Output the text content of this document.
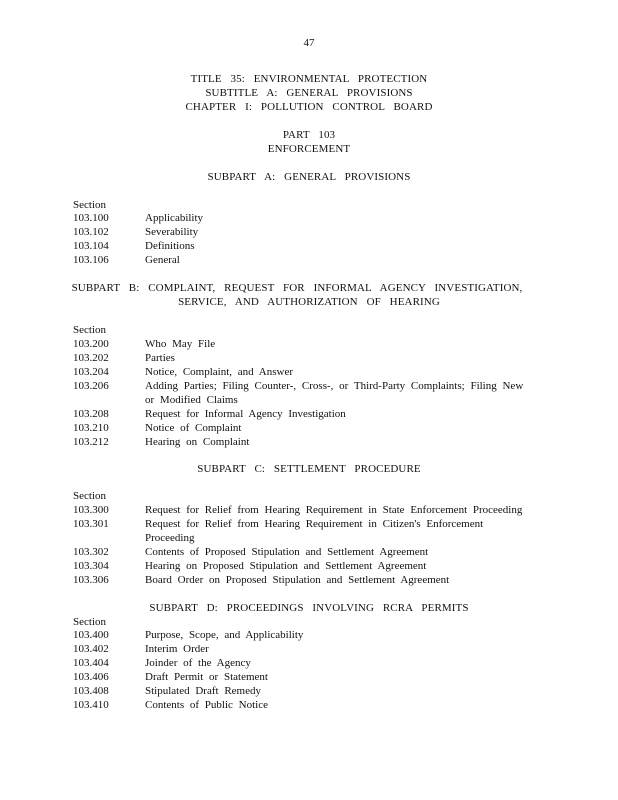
47
TITLE 35: ENVIRONMENTAL PROTECTION
SUBTITLE A: GENERAL PROVISIONS
CHAPTER I: POLLUTION CONTROL BOARD
PART 103
ENFORCEMENT
SUBPART A: GENERAL PROVISIONS
Section
103.100	Applicability
103.102	Severability
103.104	Definitions
103.106	General
SUBPART B: COMPLAINT, REQUEST FOR INFORMAL AGENCY INVESTIGATION,
SERVICE, AND AUTHORIZATION OF HEARING
Section
103.200	Who May File
103.202	Parties
103.204	Notice, Complaint, and Answer
103.206	Adding Parties; Filing Counter-, Cross-, or Third-Party Complaints; Filing New or Modified Claims
103.208	Request for Informal Agency Investigation
103.210	Notice of Complaint
103.212	Hearing on Complaint
SUBPART C: SETTLEMENT PROCEDURE
Section
103.300	Request for Relief from Hearing Requirement in State Enforcement Proceeding
103.301	Request for Relief from Hearing Requirement in Citizen's Enforcement Proceeding
103.302	Contents of Proposed Stipulation and Settlement Agreement
103.304	Hearing on Proposed Stipulation and Settlement Agreement
103.306	Board Order on Proposed Stipulation and Settlement Agreement
SUBPART D: PROCEEDINGS INVOLVING RCRA PERMITS
Section
103.400	Purpose, Scope, and Applicability
103.402	Interim Order
103.404	Joinder of the Agency
103.406	Draft Permit or Statement
103.408	Stipulated Draft Remedy
103.410	Contents of Public Notice
